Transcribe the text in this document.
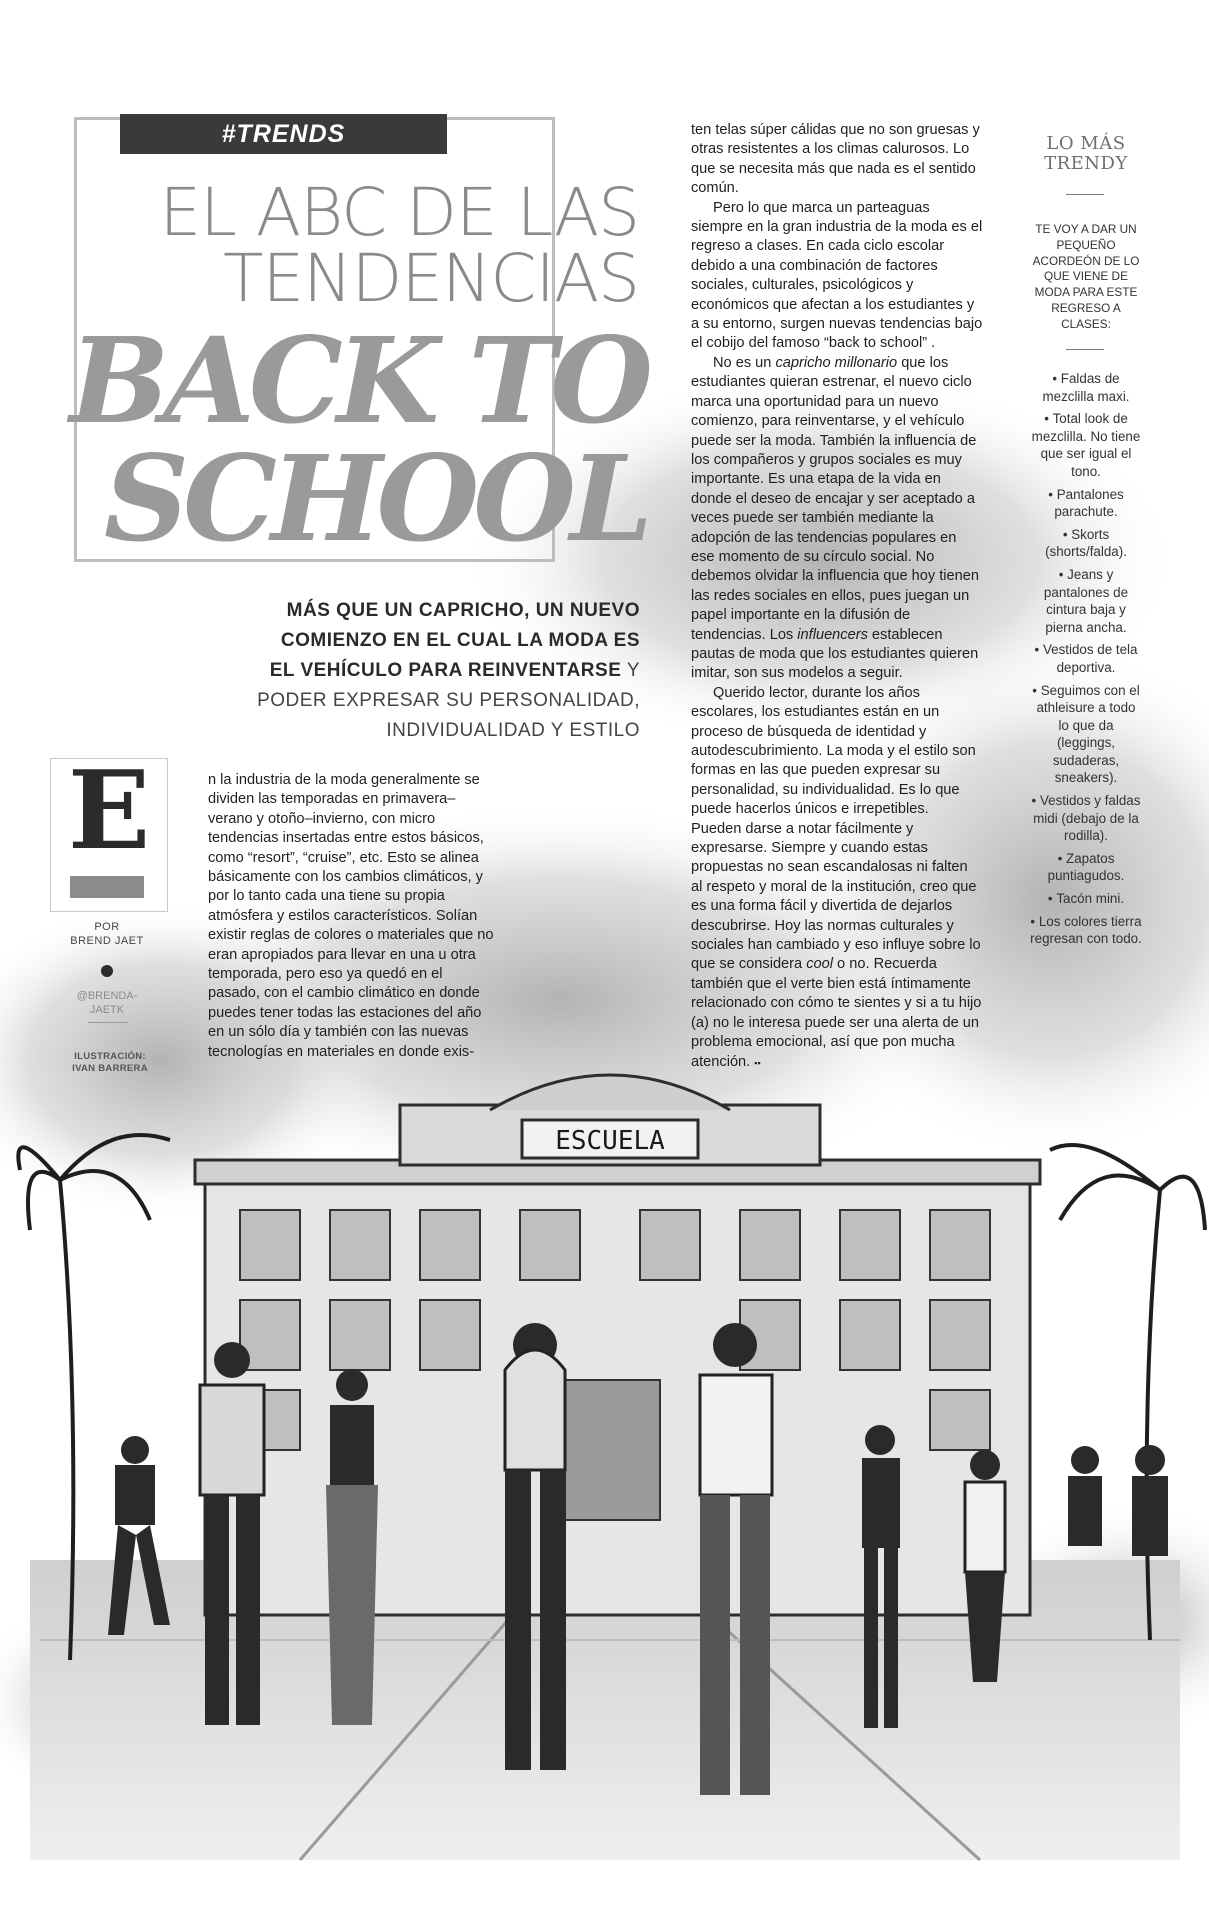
ESCUELA
#TRENDS
EL ABC DE LAS
TENDENCIAS
BACK TO
SCHOOL
MÁS QUE UN CAPRICHO, UN NUEVO
COMIENZO EN EL CUAL LA MODA ES
EL VEHÍCULO PARA REINVENTARSE Y
PODER EXPRESAR SU PERSONALIDAD,
INDIVIDUALIDAD Y ESTILO
E
POR
BREND JAET
@BRENDA-JAETK
ILUSTRACIÓN:
IVAN BARRERA

n la industria de la moda generalmente se dividen las temporadas en primavera–verano y otoño–invierno, con micro tendencias insertadas entre estos básicos, como “resort”, “cruise”, etc. Esto se alinea básicamente con los cambios climáticos, y por lo tanto cada una tiene su propia atmósfera y estilos característicos. Solían existir reglas de colores o materiales que no eran apropiados para llevar en una u otra temporada, pero eso ya quedó en el pasado, con el cambio climático en donde puedes tener todas las estaciones del año en un sólo día y también con las nuevas tecnologías en materiales en donde exis-

ten telas súper cálidas que no son gruesas y otras resistentes a los climas calurosos. Lo que se necesita más que nada es el sentido común.

Pero lo que marca un parteaguas siempre en la gran industria de la moda es el regreso a clases. En cada ciclo escolar debido a una combinación de factores sociales, culturales, psicológicos y económicos que afectan a los estudiantes y a su entorno, surgen nuevas tendencias bajo el cobijo del famoso “back to school” .

No es un capricho millonario que los estudiantes quieran estrenar, el nuevo ciclo marca una oportunidad para un nuevo comienzo, para reinventarse, y el vehículo puede ser la moda. También la influencia de los compañeros y grupos sociales es muy importante. Es una etapa de la vida en donde el deseo de encajar y ser aceptado a veces puede ser también mediante la adopción de las tendencias populares en ese momento de su círculo social. No debemos olvidar la influencia que hoy tienen las redes sociales en ellos, pues juegan un papel importante en la difusión de tendencias. Los influencers establecen pautas de moda que los estudiantes quieren imitar, son sus modelos a seguir.

Querido lector, durante los años escolares, los estudiantes están en un proceso de búsqueda de identidad y autodescubrimiento. La moda y el estilo son formas en las que pueden expresar su personalidad, su individualidad. Es lo que puede hacerlos únicos e irrepetibles. Pueden darse a notar fácilmente y expresarse. Siempre y cuando estas propuestas no sean escandalosas ni falten al respeto y moral de la institución, creo que es una forma fácil y divertida de dejarlos descubrirse. Hoy las normas culturales y sociales han cambiado y eso influye sobre lo que se considera cool o no. Recuerda también que el verte bien está íntimamente relacionado con cómo te sientes y si a tu hijo (a) no le interesa puede ser una alerta de un problema emocional, así que pon mucha atención. ▪▪

LO MÁS
TRENDY
TE VOY A DAR UN PEQUEÑO ACORDEÓN DE LO QUE VIENE DE MODA PARA ESTE REGRESO A CLASES:
• Faldas de mezclilla maxi.
• Total look de mezclilla. No tiene que ser igual el tono.
• Pantalones parachute.
• Skorts (shorts/falda).
• Jeans y pantalones de cintura baja y pierna ancha.
• Vestidos de tela deportiva.
• Seguimos con el athleisure a todo lo que da (leggings, sudaderas, sneakers).
• Vestidos y faldas midi (debajo de la rodilla).
• Zapatos puntiagudos.
• Tacón mini.
• Los colores tierra regresan con todo.
